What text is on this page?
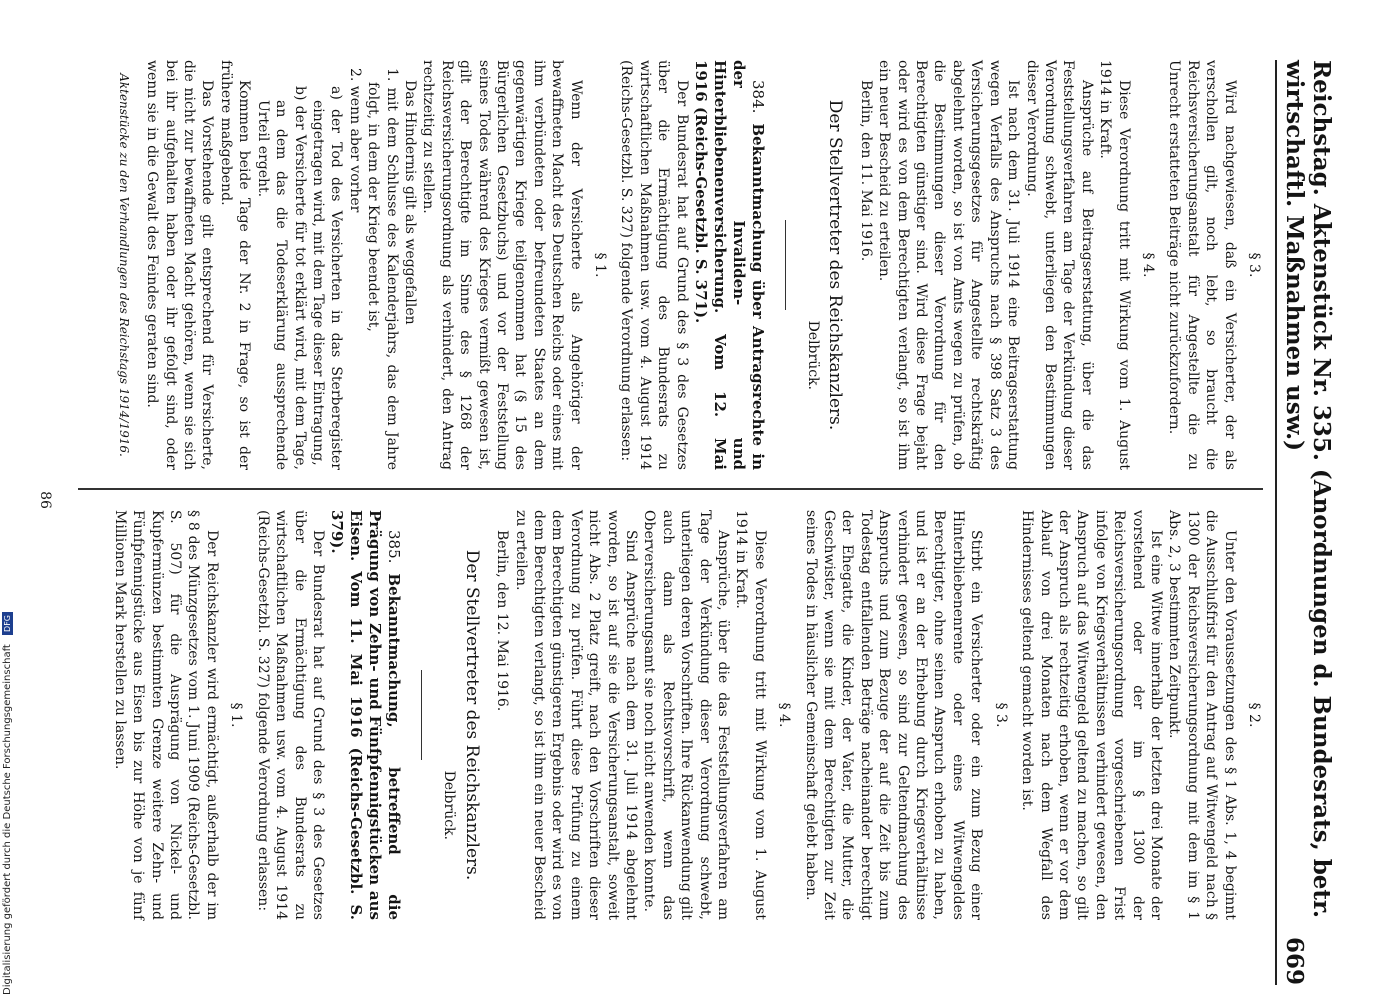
Reichstag. Aktenstück Nr. 335. (Anordnungen d. Bundesrats, betr. wirtschaftl. Maßnahmen usw.)
669
§ 3.

Wird nachgewiesen, daß ein Versicherter, der als verschollen gilt, noch lebt, so braucht die Reichsversicherungsanstalt für Angestellte die zu Unrecht erstatteten Beiträge nicht zurückzufordern.

§ 4.

Diese Verordnung tritt mit Wirkung vom 1. August 1914 in Kraft.

Ansprüche auf Beitragserstattung, über die das Feststellungsverfahren am Tage der Verkündung dieser Verordnung schwebt, unterliegen den Bestimmungen dieser Verordnung.

Ist nach dem 31. Juli 1914 eine Beitragserstattung wegen Verfalls des Anspruchs nach § 398 Satz 3 des Versicherungsgesetzes für Angestellte rechtskräftig abgelehnt worden, so ist von Amts wegen zu prüfen, ob die Bestimmungen dieser Verordnung für den Berechtigten günstiger sind. Wird diese Frage bejaht oder wird es von dem Berechtigten verlangt, so ist ihm ein neuer Bescheid zu erteilen.

Berlin, den 11. Mai 1916.

Der Stellvertreter des Reichskanzlers.
Delbrück.

384.Bekanntmachung über Antragsrechte in der Invaliden- und Hinterbliebenenversicherung. Vom 12. Mai 1916 (Reichs-Gesetzbl. S. 371).

Der Bundesrat hat auf Grund des § 3 des Gesetzes über die Ermächtigung des Bundesrats zu wirtschaftlichen Maßnahmen usw. vom 4. August 1914 (Reichs-Gesetzbl. S. 327) folgende Verordnung erlassen:

§ 1.

Wenn der Versicherte als Angehöriger der bewaffneten Macht des Deutschen Reichs oder eines mit ihm verbündeten oder befreundeten Staates an dem gegenwärtigen Kriege teilgenommen hat (§ 15 des Bürgerlichen Gesetzbuchs) und vor der Feststellung seines Todes während des Krieges vermißt gewesen ist, gilt der Berechtigte im Sinne des § 1268 der Reichsversicherungsordnung als verhindert, den Antrag rechtzeitig zu stellen.

Das Hindernis gilt als weggefallen

1. mit dem Schlusse des Kalenderjahrs, das dem Jahre folgt, in dem der Krieg beendet ist,

2. wenn aber vorher

a) der Tod des Versicherten in das Sterberegister eingetragen wird, mit dem Tage dieser Eintragung,

b) der Versicherte für tot erklärt wird, mit dem Tage, an dem das die Todeserklärung aussprechende Urteil ergeht.

Kommen beide Tage der Nr. 2 in Frage, so ist der frühere maßgebend.

Das Vorstehende gilt entsprechend für Versicherte, die nicht zur bewaffneten Macht gehören, wenn sie sich bei ihr aufgehalten haben oder ihr gefolgt sind, oder wenn sie in die Gewalt des Feindes geraten sind.

Aktenstücke zu den Verhandlungen des Reichstags 1914/1916.
§ 2.

Unter den Voraussetzungen des § 1 Abs. 1, 4 beginnt die Ausschlußfrist für den Antrag auf Witwengeld nach § 1300 der Reichsversicherungsordnung mit dem im § 1 Abs. 2, 3 bestimmten Zeitpunkt.

Ist eine Witwe innerhalb der letzten drei Monate der vorstehend oder der im § 1300 der Reichsversicherungsordnung vorgeschriebenen Frist infolge von Kriegsverhältnissen verhindert gewesen, den Anspruch auf das Witwengeld geltend zu machen, so gilt der Anspruch als rechtzeitig erhoben, wenn er vor dem Ablauf von drei Monaten nach dem Wegfall des Hindernisses geltend gemacht worden ist.

§ 3.

Stirbt ein Versicherter oder ein zum Bezug einer Hinterbliebenenrente oder eines Witwengeldes Berechtigter, ohne seinen Anspruch erhoben zu haben, und ist er an der Erhebung durch Kriegsverhältnisse verhindert gewesen, so sind zur Geltendmachung des Anspruchs und zum Bezuge der auf die Zeit bis zum Todestag entfallenden Beträge nacheinander berechtigt der Ehegatte, die Kinder, der Vater, die Mutter, die Geschwister, wenn sie mit dem Berechtigten zur Zeit seines Todes in häuslicher Gemeinschaft gelebt haben.

§ 4.

Diese Verordnung tritt mit Wirkung vom 1. August 1914 in Kraft.

Ansprüche, über die das Feststellungsverfahren am Tage der Verkündung dieser Verordnung schwebt, unterliegen deren Vorschriften. Ihre Rückanwendung gilt auch dann als Rechtsvorschrift, wenn das Oberversicherungsamt sie noch nicht anwenden konnte.

Sind Ansprüche nach dem 31. Juli 1914 abgelehnt worden, so ist auf sie die Versicherungsanstalt, soweit nicht Abs. 2 Platz greift, nach den Vorschriften dieser Verordnung zu prüfen. Führt diese Prüfung zu einem dem Berechtigten günstigeren Ergebnis oder wird es von dem Berechtigten verlangt, so ist ihm ein neuer Bescheid zu erteilen.

Berlin, den 12. Mai 1916.

Der Stellvertreter des Reichskanzlers.
Delbrück.

385.Bekanntmachung, betreffend die Prägung von Zehn- und Fünfpfennigstücken aus Eisen. Vom 11. Mai 1916 (Reichs-Gesetzbl. S. 379).

Der Bundesrat hat auf Grund des § 3 des Gesetzes über die Ermächtigung des Bundesrats zu wirtschaftlichen Maßnahmen usw. vom 4. August 1914 (Reichs-Gesetzbl. S. 327) folgende Verordnung erlassen:

§ 1.

Der Reichskanzler wird ermächtigt, außerhalb der im § 8 des Münzgesetzes vom 1. Juni 1909 (Reichs-Gesetzbl. S. 507) für die Ausprägung von Nickel- und Kupfermünzen bestimmten Grenze weitere Zehn- und Fünfpfennigstücke aus Eisen bis zur Höhe von je fünf Millionen Mark herstellen zu lassen.

86
Digitalisierung gefördert durch die Deutsche Forschungsgemeinschaft DFG
